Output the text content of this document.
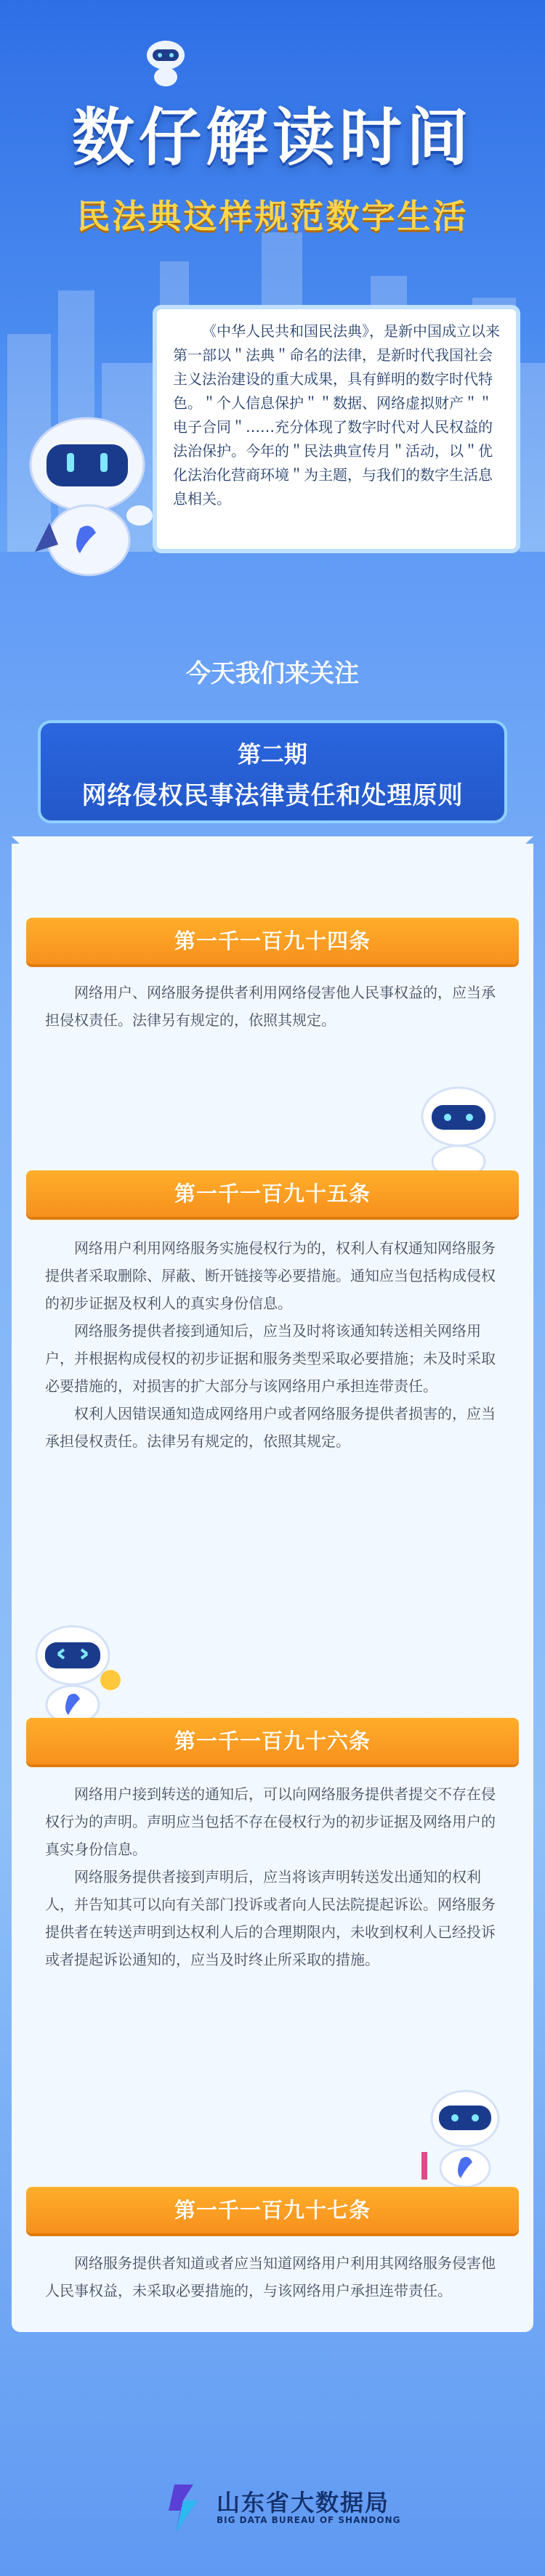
数仔解读时间
民法典这样规范数字生活

《中华人民共和国民法典》，是新中国成立以来第一部以＂法典＂命名的法律，是新时代我国社会主义法治建设的重大成果，具有鲜明的数字时代特色。＂个人信息保护＂＂数据、网络虚拟财产＂＂电子合同＂……充分体现了数字时代对人民权益的法治保护。今年的＂民法典宣传月＂活动，以＂优化法治化营商环境＂为主题，与我们的数字生活息息相关。

今天我们来关注
第二期
网络侵权民事法律责任和处理原则
第一千一百九十四条

网络用户、网络服务提供者利用网络侵害他人民事权益的，应当承担侵权责任。法律另有规定的，依照其规定。

第一千一百九十五条

网络用户利用网络服务实施侵权行为的，权利人有权通知网络服务提供者采取删除、屏蔽、断开链接等必要措施。通知应当包括构成侵权的初步证据及权利人的真实身份信息。

网络服务提供者接到通知后，应当及时将该通知转送相关网络用户，并根据构成侵权的初步证据和服务类型采取必要措施；未及时采取必要措施的，对损害的扩大部分与该网络用户承担连带责任。

权利人因错误通知造成网络用户或者网络服务提供者损害的，应当承担侵权责任。法律另有规定的，依照其规定。

第一千一百九十六条

网络用户接到转送的通知后，可以向网络服务提供者提交不存在侵权行为的声明。声明应当包括不存在侵权行为的初步证据及网络用户的真实身份信息。

网络服务提供者接到声明后，应当将该声明转送发出通知的权利人，并告知其可以向有关部门投诉或者向人民法院提起诉讼。网络服务提供者在转送声明到达权利人后的合理期限内，未收到权利人已经投诉或者提起诉讼通知的，应当及时终止所采取的措施。

第一千一百九十七条

网络服务提供者知道或者应当知道网络用户利用其网络服务侵害他人民事权益，未采取必要措施的，与该网络用户承担连带责任。

山东省大数据局
BIG DATA BUREAU OF SHANDONG
